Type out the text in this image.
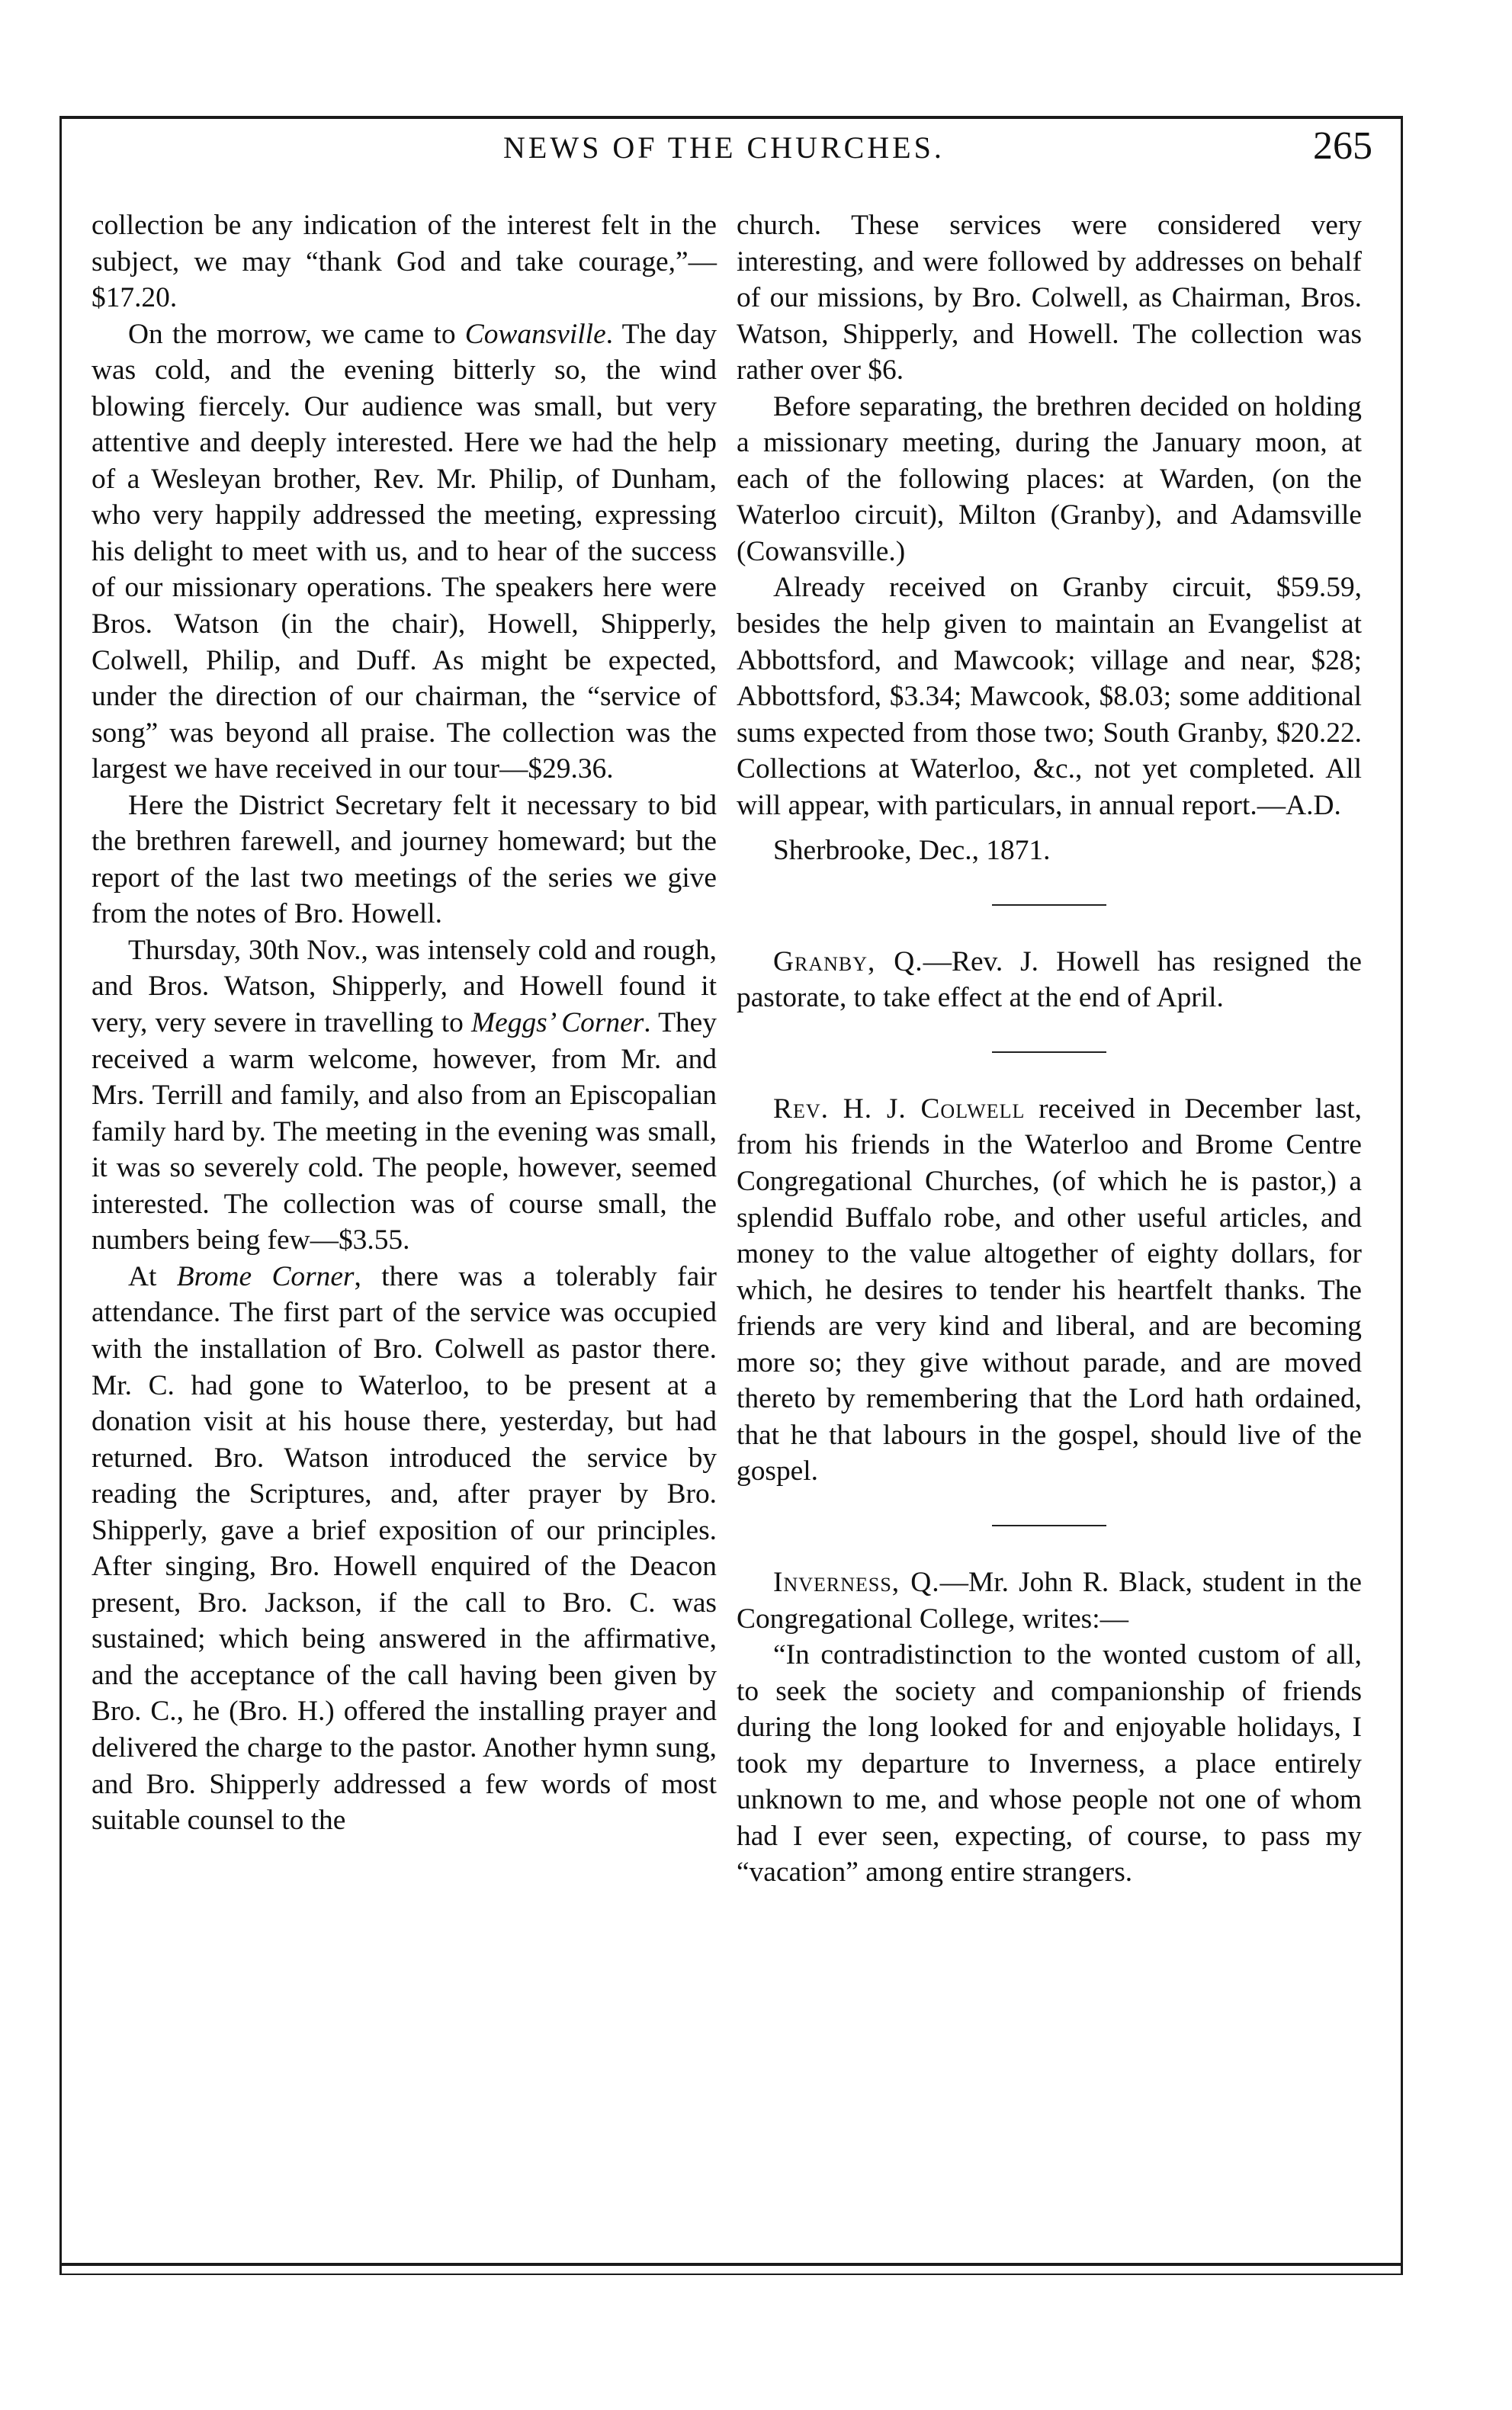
NEWS OF THE CHURCHES.	265

collection be any indication of the interest felt in the subject, we may “thank God and take courage,”—$17.20.

On the morrow, we came to Cowansville. The day was cold, and the evening bitterly so, the wind blowing fiercely. Our audience was small, but very attentive and deeply interested. Here we had the help of a Wesleyan brother, Rev. Mr. Philip, of Dunham, who very happily addressed the meeting, expressing his delight to meet with us, and to hear of the success of our missionary operations. The speakers here were Bros. Watson (in the chair), Howell, Shipperly, Colwell, Philip, and Duff. As might be expected, under the direction of our chairman, the “service of song” was beyond all praise. The collection was the largest we have received in our tour—$29.36.

Here the District Secretary felt it necessary to bid the brethren farewell, and journey homeward; but the report of the last two meetings of the series we give from the notes of Bro. Howell.

Thursday, 30th Nov., was intensely cold and rough, and Bros. Watson, Shipperly, and Howell found it very, very severe in travelling to Meggs’ Corner. They received a warm welcome, however, from Mr. and Mrs. Terrill and family, and also from an Episcopalian family hard by. The meeting in the evening was small, it was so severely cold. The people, however, seemed interested. The collection was of course small, the numbers being few—$3.55.

At Brome Corner, there was a tolerably fair attendance. The first part of the service was occupied with the installation of Bro. Colwell as pastor there. Mr. C. had gone to Waterloo, to be present at a donation visit at his house there, yesterday, but had returned. Bro. Watson introduced the service by reading the Scriptures, and, after prayer by Bro. Shipperly, gave a brief exposition of our principles. After singing, Bro. Howell enquired of the Deacon present, Bro. Jackson, if the call to Bro. C. was sustained; which being answered in the affirmative, and the acceptance of the call having been given by Bro. C., he (Bro. H.) offered the installing prayer and delivered the charge to the pastor. Another hymn sung, and Bro. Shipperly addressed a few words of most suitable counsel to the

church. These services were considered very interesting, and were followed by addresses on behalf of our missions, by Bro. Colwell, as Chairman, Bros. Watson, Shipperly, and Howell. The collection was rather over $6.

Before separating, the brethren decided on holding a missionary meeting, during the January moon, at each of the following places: at Warden, (on the Waterloo circuit), Milton (Granby), and Adamsville (Cowansville.)

Already received on Granby circuit, $59.59, besides the help given to maintain an Evangelist at Abbottsford, and Mawcook; village and near, $28; Abbottsford, $3.34; Mawcook, $8.03; some additional sums expected from those two; South Granby, $20.22. Collections at Waterloo, &c., not yet completed. All will appear, with particulars, in annual report.—A.D.

Sherbrooke, Dec., 1871.

Granby, Q.—Rev. J. Howell has resigned the pastorate, to take effect at the end of April.

Rev. H. J. Colwell received in December last, from his friends in the Waterloo and Brome Centre Congregational Churches, (of which he is pastor,) a splendid Buffalo robe, and other useful articles, and money to the value altogether of eighty dollars, for which, he desires to tender his heartfelt thanks. The friends are very kind and liberal, and are becoming more so; they give without parade, and are moved thereto by remembering that the Lord hath ordained, that he that labours in the gospel, should live of the gospel.

Inverness, Q.—Mr. John R. Black, student in the Congregational College, writes:—

“In contradistinction to the wonted custom of all, to seek the society and companionship of friends during the long looked for and enjoyable holidays, I took my departure to Inverness, a place entirely unknown to me, and whose people not one of whom had I ever seen, expecting, of course, to pass my “vacation” among entire strangers.
